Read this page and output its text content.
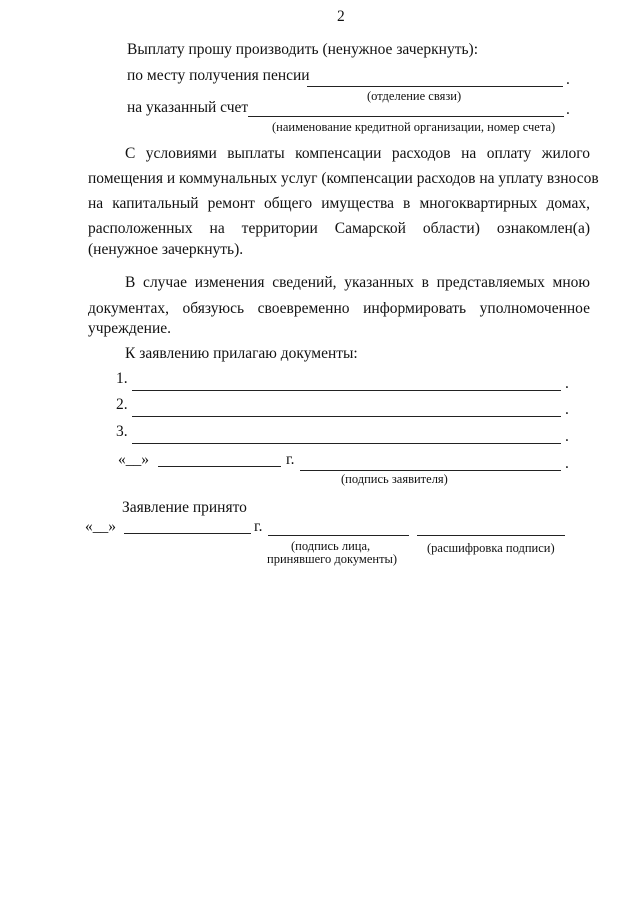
2
Выплату прошу производить (ненужное зачеркнуть):
по месту получения пенсии	.
(отделение связи)
на указанный счет	.
(наименование кредитной организации, номер счета)
С условиями выплаты компенсации расходов на оплату жилого
помещения и коммунальных услуг (компенсации расходов на уплату взносов
на капитальный ремонт общего имущества в многоквартирных домах,
расположенных на территории Самарской области) ознакомлен(а)
(ненужное зачеркнуть).
В случае изменения сведений, указанных в представляемых мною
документах, обязуюсь своевременно информировать уполномоченное
учреждение.
К заявлению прилагаю документы:
1.	.
2.	.
3.	.
«__»	г.	.
(подпись заявителя)
Заявление принято
«__»	г.
(подпись лица,	(расшифровка подписи)
принявшего документы)
